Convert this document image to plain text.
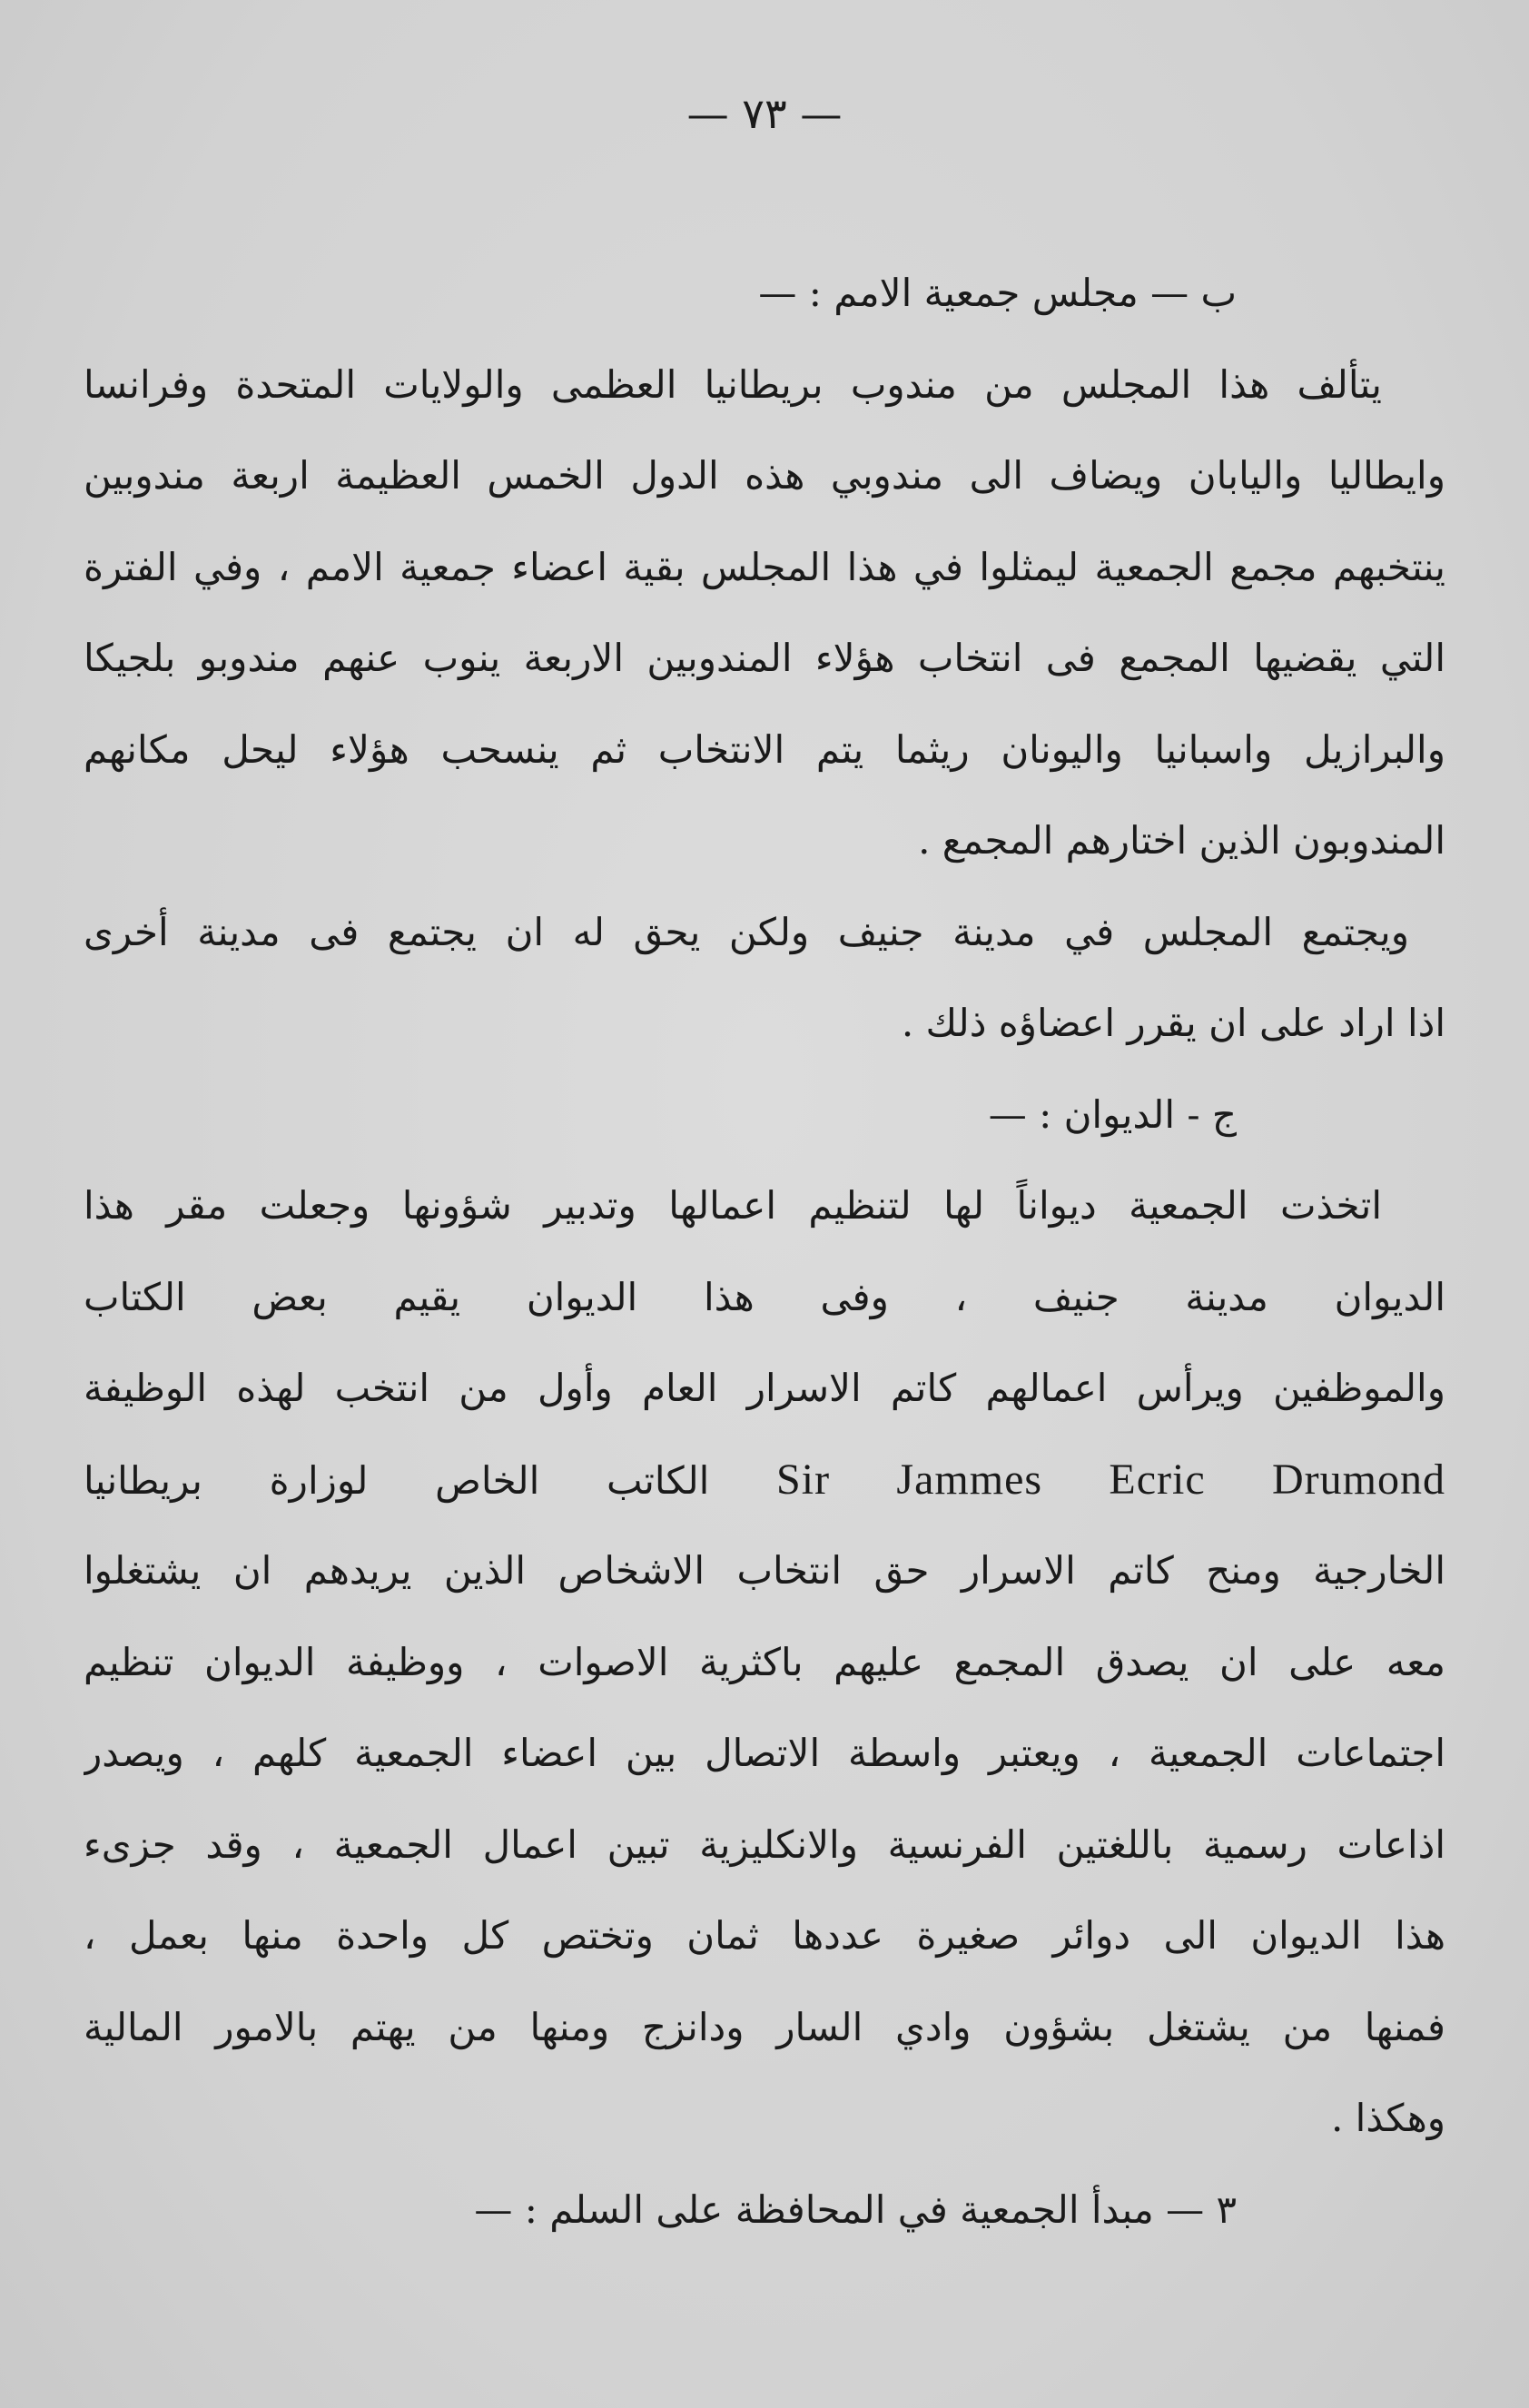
— ٧٣ —
ب — مجلس جمعية الامم : —
يتألف هذا المجلس من مندوب بريطانيا العظمى والولايات المتحدة وفرانسا
وايطاليا واليابان ويضاف الى مندوبي هذه الدول الخمس العظيمة اربعة مندوبين
ينتخبهم مجمع الجمعية ليمثلوا في هذا المجلس بقية اعضاء جمعية الامم ، وفي الفترة
التي يقضيها المجمع فى انتخاب هؤلاء المندوبين الاربعة ينوب عنهم مندوبو بلجيكا
والبرازيل واسبانيا واليونان ريثما يتم الانتخاب ثم ينسحب هؤلاء ليحل مكانهم
المندوبون الذين اختارهم المجمع .
ويجتمع المجلس في مدينة جنيف ولكن يحق له ان يجتمع فى مدينة أخرى
اذا اراد على ان يقرر اعضاؤه ذلك .
ج - الديوان : —
اتخذت الجمعية ديواناً لها لتنظيم اعمالها وتدبير شؤونها وجعلت مقر هذا
الديوان مدينة جنيف ، وفى هذا الديوان يقيم بعض الكتاب
والموظفين ويرأس اعمالهم كاتم الاسرار العام وأول من انتخب لهذه الوظيفة
Sir Jammes Ecric Drumond الكاتب الخاص لوزارة بريطانيا
الخارجية ومنح كاتم الاسرار حق انتخاب الاشخاص الذين يريدهم ان يشتغلوا
معه على ان يصدق المجمع عليهم باكثرية الاصوات ، ووظيفة الديوان تنظيم
اجتماعات الجمعية ، ويعتبر واسطة الاتصال بين اعضاء الجمعية كلهم ، ويصدر
اذاعات رسمية باللغتين الفرنسية والانكليزية تبين اعمال الجمعية ، وقد جزىء
هذا الديوان الى دوائر صغيرة عددها ثمان وتختص كل واحدة منها بعمل ،
فمنها من يشتغل بشؤون وادي السار ودانزج ومنها من يهتم بالامور المالية
وهكذا .
٣ — مبدأ الجمعية في المحافظة على السلم : —
